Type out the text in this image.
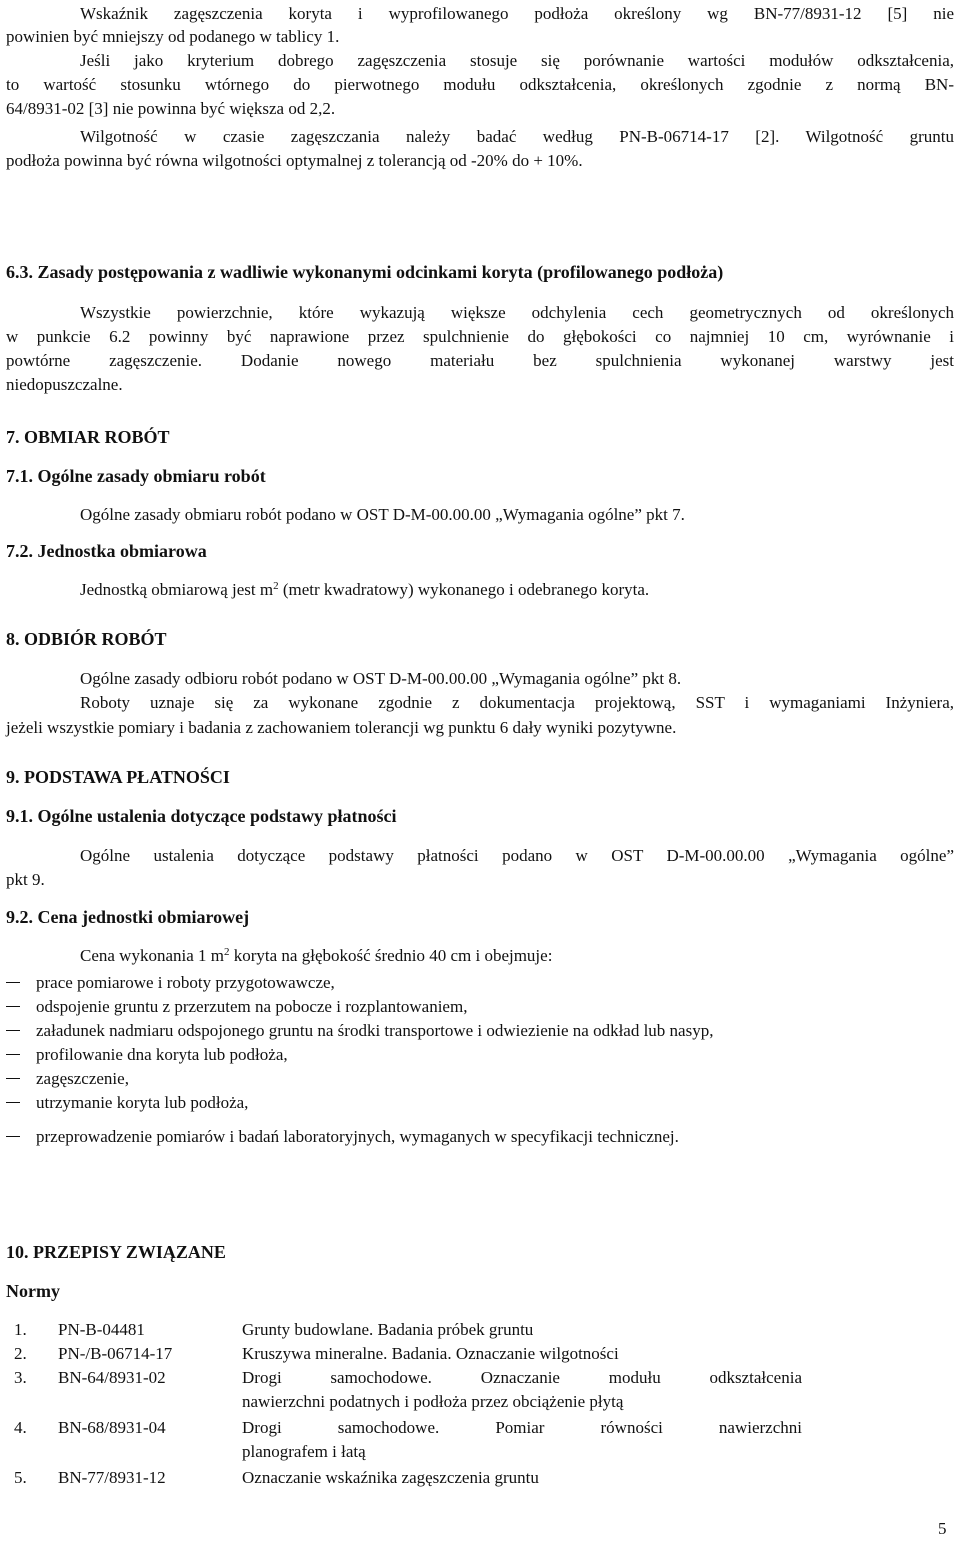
Wskaźnik zagęszczenia koryta i wyprofilowanego podłoża określony wg BN-77/8931-12 [5] nie
powinien być mniejszy od podanego w tablicy 1.
Jeśli jako kryterium dobrego zagęszczenia stosuje się porównanie wartości modułów odkształcenia,
to wartość stosunku wtórnego do pierwotnego modułu odkształcenia, określonych zgodnie z normą BN-
64/8931-02 [3] nie powinna być większa od 2,2.
Wilgotność w czasie zagęszczania należy badać według PN-B-06714-17 [2]. Wilgotność gruntu
podłoża powinna być równa wilgotności optymalnej z tolerancją od -20% do + 10%.
6.3. Zasady postępowania z wadliwie wykonanymi odcinkami koryta (profilowanego podłoża)
Wszystkie powierzchnie, które wykazują większe odchylenia cech geometrycznych od określonych
w punkcie 6.2 powinny być naprawione przez spulchnienie do głębokości co najmniej 10 cm, wyrównanie i
powtórne zagęszczenie. Dodanie nowego materiału bez spulchnienia wykonanej warstwy jest
niedopuszczalne.
7. OBMIAR ROBÓT
7.1. Ogólne zasady obmiaru robót
Ogólne zasady obmiaru robót podano w OST D-M-00.00.00 „Wymagania ogólne” pkt 7.
7.2. Jednostka obmiarowa
Jednostką obmiarową jest $m^2$ (metr kwadratowy) wykonanego i odebranego koryta.
8. ODBIÓR ROBÓT
Ogólne zasady odbioru robót podano w OST D-M-00.00.00 „Wymagania ogólne” pkt 8.
Roboty uznaje się za wykonane zgodnie z dokumentacja projektową, SST i wymaganiami Inżyniera,
jeżeli wszystkie pomiary i badania z zachowaniem tolerancji wg punktu 6 dały wyniki pozytywne.
9. PODSTAWA PŁATNOŚCI
9.1. Ogólne ustalenia dotyczące podstawy płatności
Ogólne ustalenia dotyczące podstawy płatności podano w OST D-M-00.00.00 „Wymagania ogólne”
pkt 9.
9.2. Cena jednostki obmiarowej
Cena wykonania 1 $m^2$ koryta na głębokość średnio 40 cm i obejmuje:
prace pomiarowe i roboty przygotowawcze,
odspojenie gruntu z przerzutem na pobocze i rozplantowaniem,
załadunek nadmiaru odspojonego gruntu na środki transportowe i odwiezienie na odkład lub nasyp,
profilowanie dna koryta lub podłoża,
zagęszczenie,
utrzymanie koryta lub podłoża,
przeprowadzenie pomiarów i badań laboratoryjnych, wymaganych w specyfikacji technicznej.
10. PRZEPISY ZWIĄZANE
Normy
1. PN-B-04481	Grunty budowlane. Badania próbek gruntu
2. PN-/B-06714-17	Kruszywa mineralne. Badania. Oznaczanie wilgotności
3. BN-64/8931-02	Drogi samochodowe. Oznaczanie modułu odkształcenia
nawierzchni podatnych i podłoża przez obciążenie płytą
4. BN-68/8931-04	Drogi samochodowe. Pomiar równości nawierzchni
planografem i łatą
5. BN-77/8931-12	Oznaczanie wskaźnika zagęszczenia gruntu
5
